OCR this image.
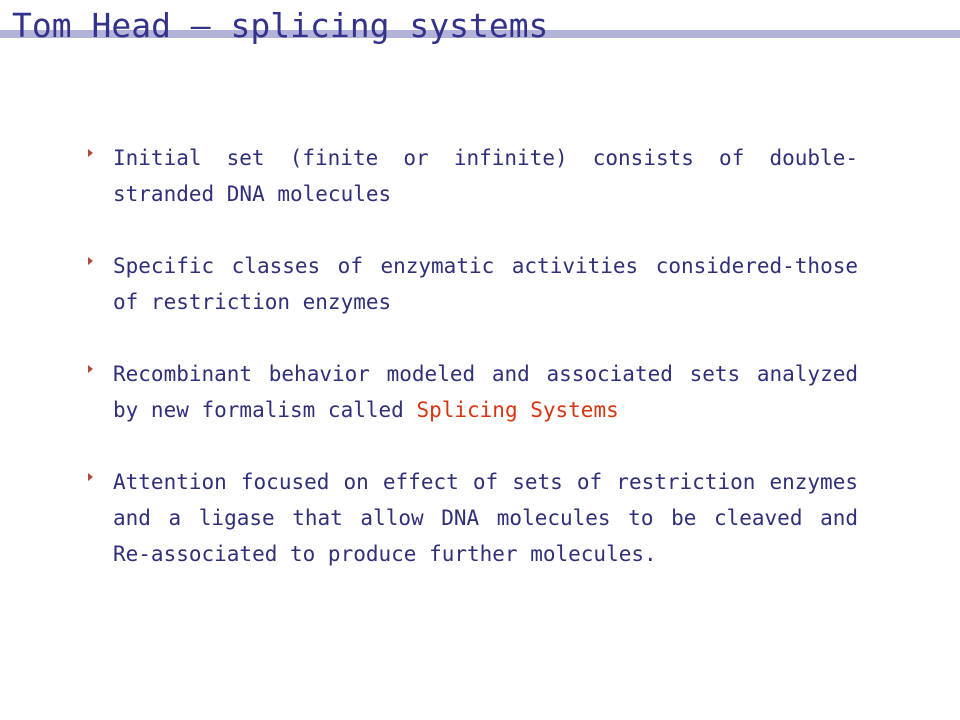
Tom Head – splicing systems
Initial set (finite or infinite) consists of double-stranded DNA molecules
Specific classes of enzymatic activities considered-those of restriction enzymes
Recombinant behavior modeled and associated sets analyzed by new formalism called Splicing Systems
Attention focused on effect of sets of restriction enzymes and a ligase that allow DNA molecules to be cleaved and Re-associated to produce further molecules.
